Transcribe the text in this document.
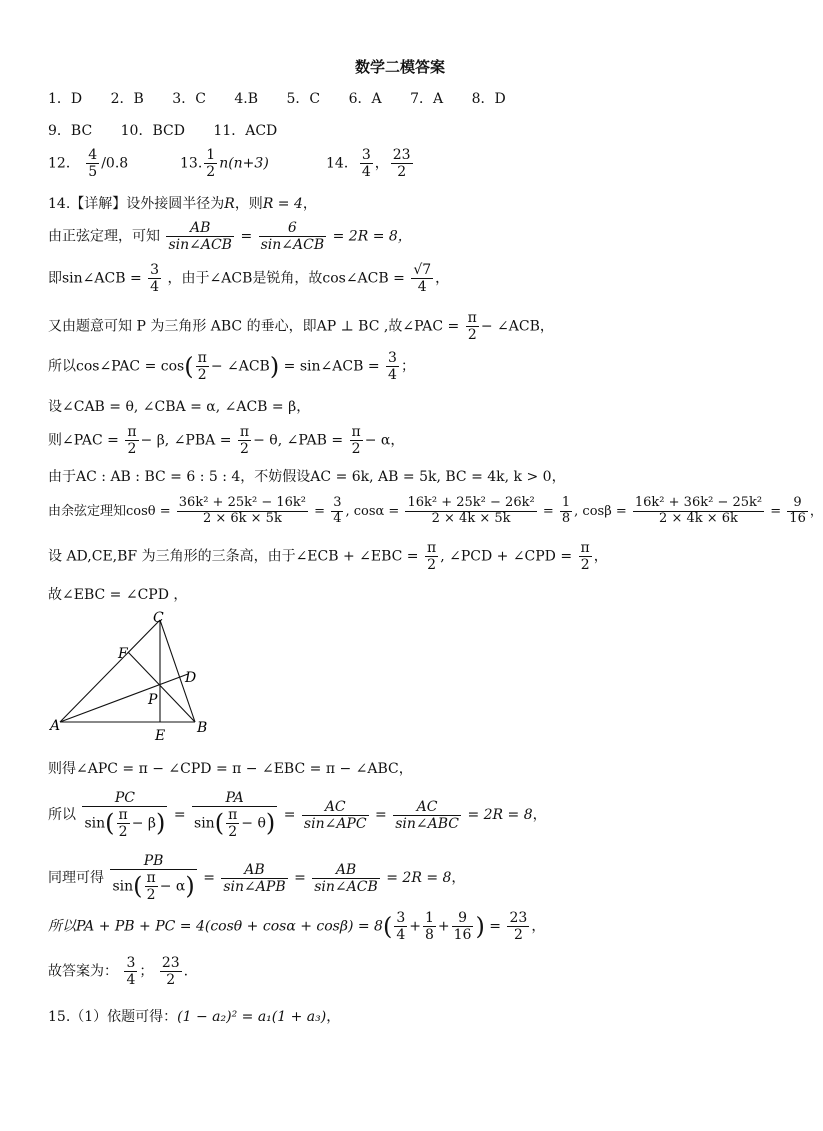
数学二模答案
1．D 2．B 3．C 4.B 5．C 6．A 7．A 8．D
9．BC 10．BCD 11．ACD
12． $\frac{4}{5} /0.8$	13. $\frac{1}{2} n(n+3)$	14． $\frac{3}{4}$ ， $\frac{23}{2}$
14.【详解】设外接圆半径为R，则R = 4，
由正弦定理，可知 $\frac{AB}{\text{sin∠ACB}} = \frac{6}{\text{sin∠ACB}} = 2R = 8$，
即sin∠ACB = $\frac{3}{4}$ ，由于∠ACB是锐角，故cos∠ACB = $\frac{√7}{4}$ ，
又由题意可知 P 为三角形 ABC 的垂心，即AP ⊥ BC ,故∠PAC = $\frac{\pi}{2}$ − ∠ACB，
所以cos∠PAC = $\cos( \frac{\pi}{2}$ − ∠ACB) = sin∠ACB = $\frac{3}{4}$ ；
设∠CAB = θ, ∠CBA = α, ∠ACB = β，
则∠PAC = $\frac{\pi}{2} - \beta$, ∠PBA = $\frac{\pi}{2} - \theta$, ∠PAB = $\frac{\pi}{2} - \alpha$，
由于AC : AB : BC = 6 : 5 : 4，不妨假设AC = 6k, AB = 5k, BC = 4k, k > 0，
由余弦定理知$\cos\theta = \frac{\text{36k² + 25k² − 16k²}}{2 \times 6k \times 5k} = \frac{3}{4}$ , $\cos\alpha = \frac{\text{16k² + 25k² − 26k²}}{2 \times 4k \times 5k} = \frac{1}{8}$ , $\cos\beta = \frac{\text{16k² + 36k² − 25k²}}{2 \times 4k \times 6k} = \frac{9}{16}$ ，
设 AD,CE,BF 为三角形的三条高，由于∠ECB + ∠EBC = $\frac{\pi}{2}$ , ∠PCD + ∠CPD = $\frac{\pi}{2}$ ，
故∠EBC = ∠CPD ，
A	B
C
D
E
F
P
则得∠APC = π − ∠CPD = π − ∠EBC = π − ∠ABC，
所以 $\frac{PC}{\sin( \frac{\pi}{2} - \beta)} = \frac{PA}{\sin( \frac{\pi}{2} - \theta)} = \frac{AC}{\text{sin∠APC}} = \frac{AC}{\text{sin∠ABC}} = 2R = 8$，
同理可得 $\frac{PB}{\sin( \frac{\pi}{2} - \alpha)} = \frac{AB}{\text{sin∠APB}} = \frac{AB}{\text{sin∠ACB}} = 2R = 8$，
所以PA + PB + PC = $4(\cos\theta + \cos\alpha + \cos\beta) = 8( \frac{3}{4} + \frac{1}{8} + \frac{9}{16}$ ) = $\frac{23}{2}$ ，
故答案为： $\frac{3}{4}$ ； $\frac{23}{2}$ .
15.（1）依题可得：(1 − a₂)² = a₁(1 + a₃)，
